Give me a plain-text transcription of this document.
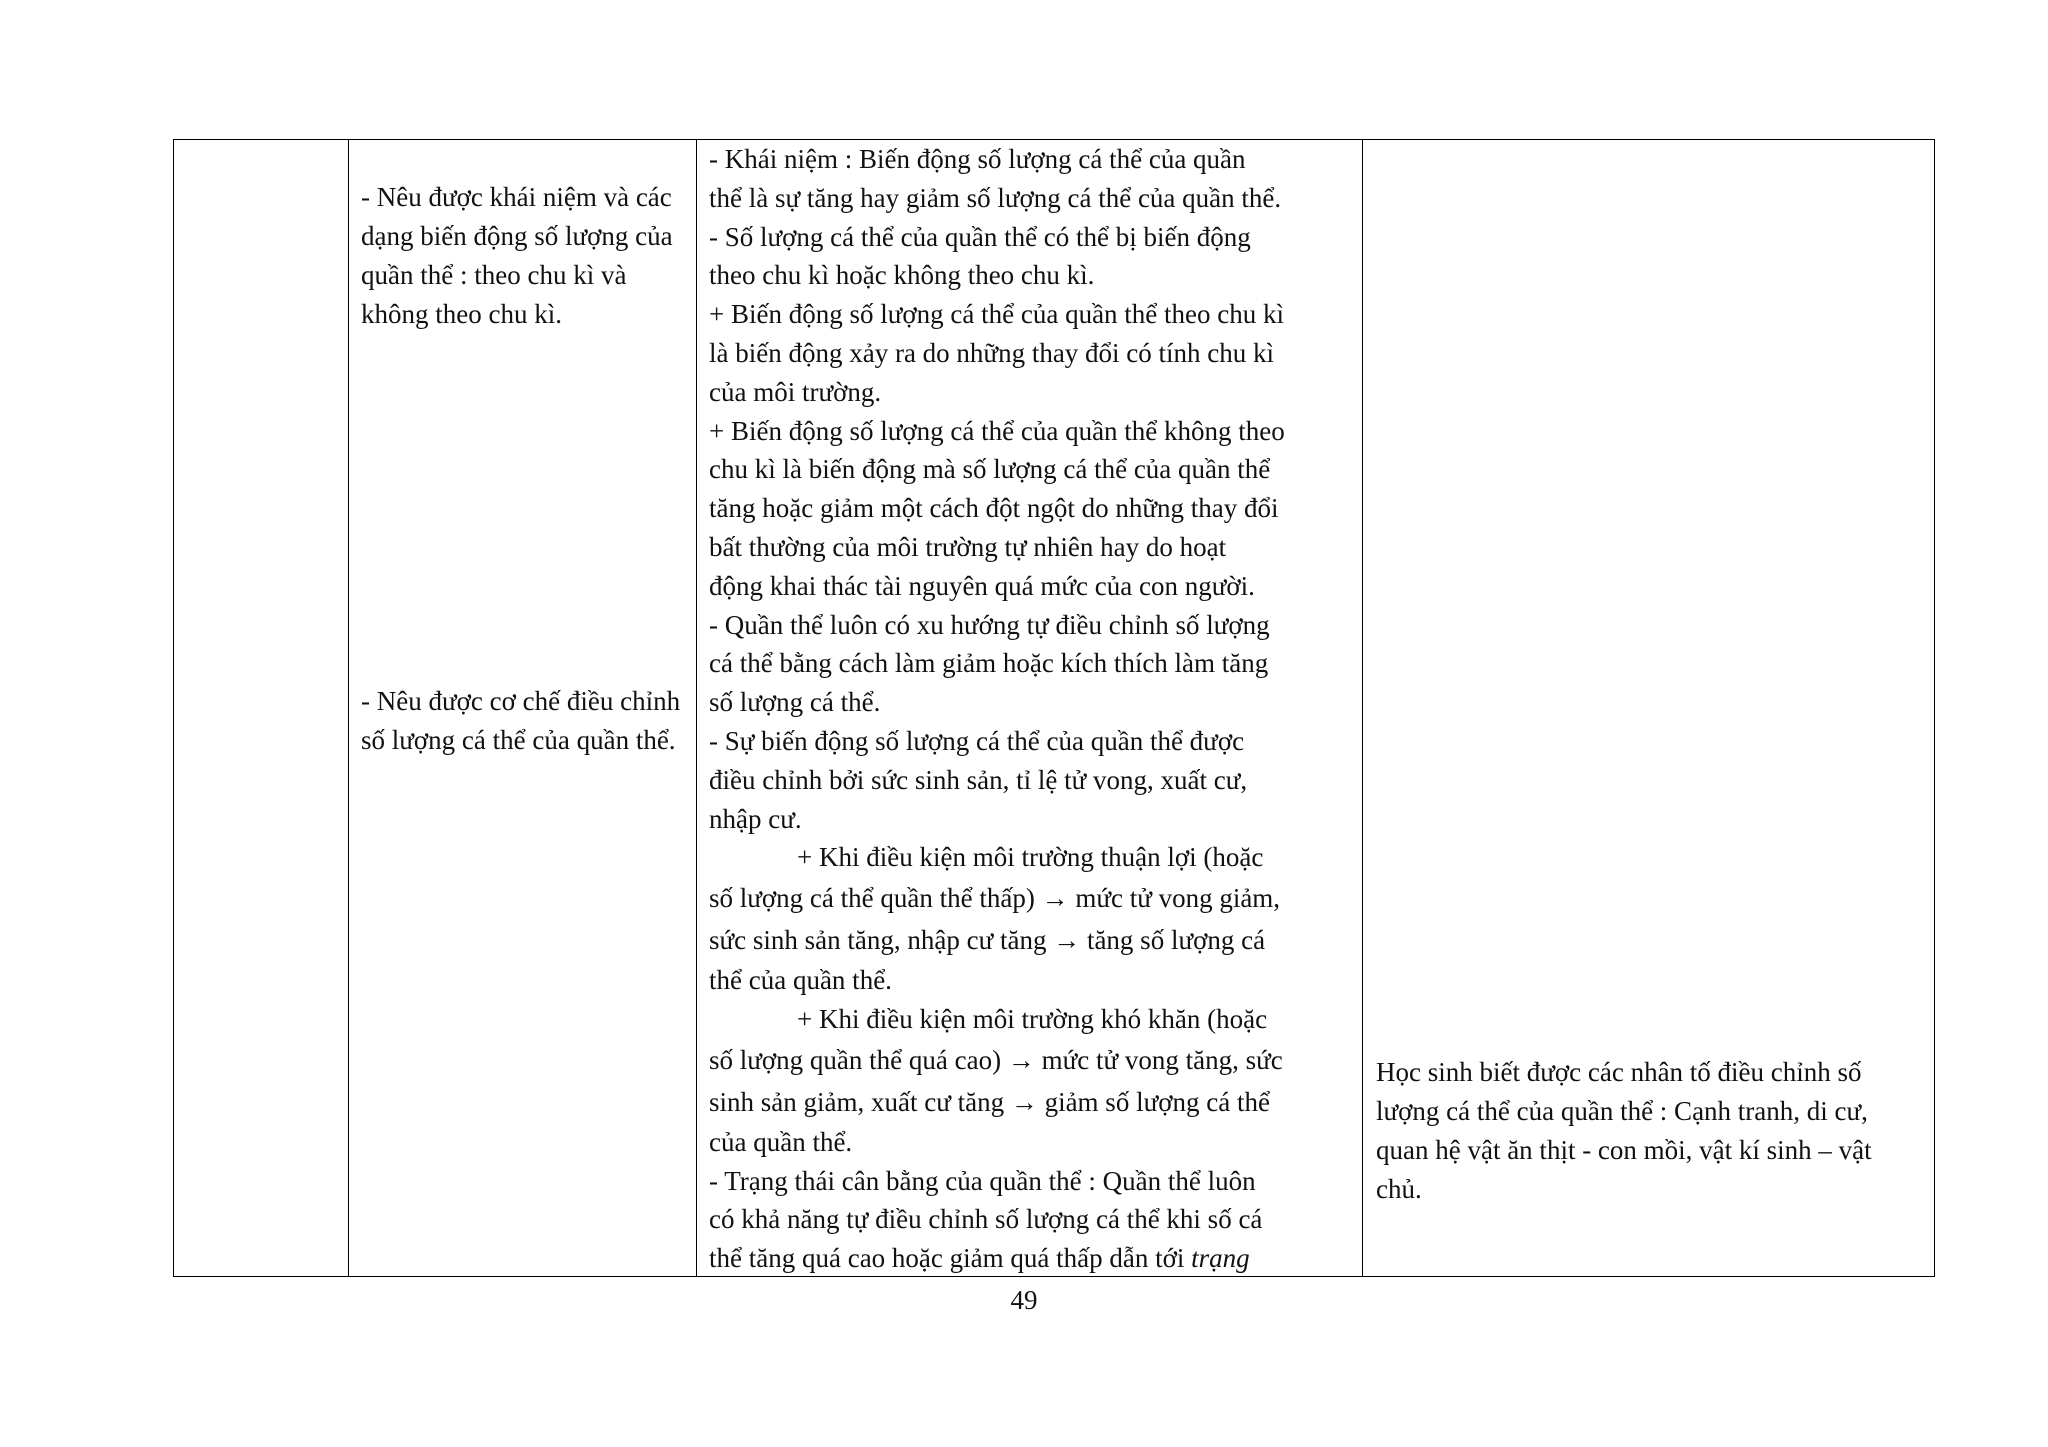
- Nêu được khái niệm và các dạng biến động số lượng của quần thể : theo chu kì và không theo chu kì.

- Nêu được cơ chế điều chỉnh số lượng cá thể của quần thể.

- Khái niệm : Biến động số lượng cá thể của quần
thể là sự tăng hay giảm số lượng cá thể của quần thể.
- Số lượng cá thể của quần thể có thể bị biến động
theo chu kì hoặc không theo chu kì.
+ Biến động số lượng cá thể của quần thể theo chu kì
là biến động xảy ra do những thay đổi có tính chu kì
của môi trường.
+ Biến động số lượng cá thể của quần thể không theo
chu kì là biến động mà số lượng cá thể của quần thể
tăng hoặc giảm một cách đột ngột do những thay đổi
bất thường của môi trường tự nhiên hay do hoạt
động khai thác tài nguyên quá mức của con người.
- Quần thể luôn có xu hướng tự điều chỉnh số lượng
cá thể bằng cách làm giảm hoặc kích thích làm tăng
số lượng cá thể.
- Sự biến động số lượng cá thể của quần thể được
điều chỉnh bởi sức sinh sản, tỉ lệ tử vong, xuất cư,
nhập cư.
+ Khi điều kiện môi trường thuận lợi (hoặc
số lượng cá thể quần thể thấp) → mức tử vong giảm,
sức sinh sản tăng, nhập cư tăng → tăng số lượng cá
thể của quần thể.
+ Khi điều kiện môi trường khó khăn (hoặc
số lượng quần thể quá cao) → mức tử vong tăng, sức
sinh sản giảm, xuất cư tăng → giảm số lượng cá thể
của quần thể.
- Trạng thái cân bằng của quần thể : Quần thể luôn
có khả năng tự điều chỉnh số lượng cá thể khi số cá
thể tăng quá cao hoặc giảm quá thấp dẫn tới trạng

Học sinh biết được các nhân tố điều chỉnh số lượng cá thể của quần thể : Cạnh tranh, di cư, quan hệ vật ăn thịt - con mồi, vật kí sinh – vật chủ.

49
